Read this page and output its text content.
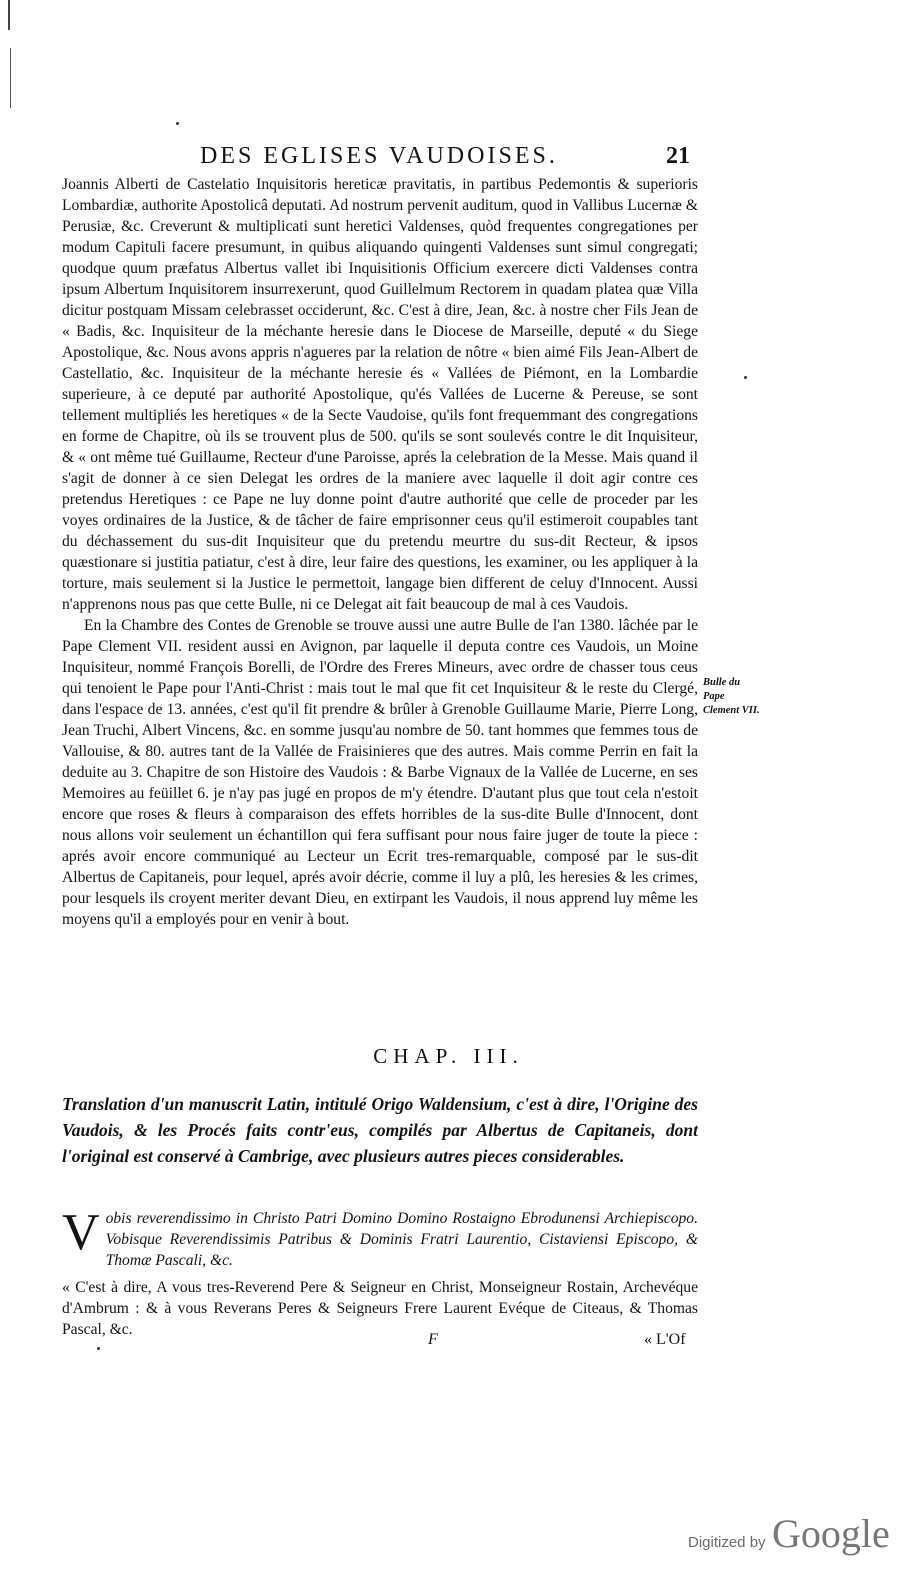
DES EGLISES VAUDOISES.	21

Joannis Alberti de Castelatio Inquisitoris hereticæ pravitatis, in partibus Pedemontis & superioris Lombardiæ, authorite Apostolicâ deputati. Ad nostrum pervenit auditum, quod in Vallibus Lucernæ & Perusiæ, &c. Creverunt & multiplicati sunt heretici Valdenses, quòd frequentes congregationes per modum Capituli facere presumunt, in quibus aliquando quingenti Valdenses sunt simul congregati; quodque quum præfatus Albertus vallet ibi Inquisitionis Officium exercere dicti Valdenses contra ipsum Albertum Inquisitorem insurrexerunt, quod Guillelmum Rectorem in quadam platea quæ Villa dicitur postquam Missam celebrasset occiderunt, &c. C'est à dire, Jean, &c. à nostre cher Fils Jean de « Badis, &c. Inquisiteur de la méchante heresie dans le Diocese de Marseille, deputé « du Siege Apostolique, &c. Nous avons appris n'agueres par la relation de nôtre « bien aimé Fils Jean-Albert de Castellatio, &c. Inquisiteur de la méchante heresie és « Vallées de Piémont, en la Lombardie superieure, à ce deputé par authorité Apostolique, qu'és Vallées de Lucerne & Pereuse, se sont tellement multipliés les heretiques « de la Secte Vaudoise, qu'ils font frequemmant des congregations en forme de Chapitre, où ils se trouvent plus de 500. qu'ils se sont soulevés contre le dit Inquisiteur, & « ont même tué Guillaume, Recteur d'une Paroisse, aprés la celebration de la Messe. Mais quand il s'agit de donner à ce sien Delegat les ordres de la maniere avec laquelle il doit agir contre ces pretendus Heretiques : ce Pape ne luy donne point d'autre authorité que celle de proceder par les voyes ordinaires de la Justice, & de tâcher de faire emprisonner ceus qu'il estimeroit coupables tant du déchassement du sus-dit Inquisiteur que du pretendu meurtre du sus-dit Recteur, & ipsos quæstionare si justitia patiatur, c'est à dire, leur faire des questions, les examiner, ou les appliquer à la torture, mais seulement si la Justice le permettoit, langage bien different de celuy d'Innocent. Aussi n'apprenons nous pas que cette Bulle, ni ce Delegat ait fait beaucoup de mal à ces Vaudois.

En la Chambre des Contes de Grenoble se trouve aussi une autre Bulle de l'an 1380. lâchée par le Pape Clement VII. resident aussi en Avignon, par laquelle il deputa contre ces Vaudois, un Moine Inquisiteur, nommé François Borelli, de l'Ordre des Freres Mineurs, avec ordre de chasser tous ceus qui tenoient le Pape pour l'Anti-Christ : mais tout le mal que fit cet Inquisiteur & le reste du Clergé, dans l'espace de 13. années, c'est qu'il fit prendre & brûler à Grenoble Guillaume Marie, Pierre Long, Jean Truchi, Albert Vincens, &c. en somme jusqu'au nombre de 50. tant hommes que femmes tous de Vallouise, & 80. autres tant de la Vallée de Fraisinieres que des autres. Mais comme Perrin en fait la deduite au 3. Chapitre de son Histoire des Vaudois : & Barbe Vignaux de la Vallée de Lucerne, en ses Memoires au feüillet 6. je n'ay pas jugé en propos de m'y étendre. D'autant plus que tout cela n'estoit encore que roses & fleurs à comparaison des effets horribles de la sus-dite Bulle d'Innocent, dont nous allons voir seulement un échantillon qui fera suffisant pour nous faire juger de toute la piece : aprés avoir encore communiqué au Lecteur un Ecrit tres-remarquable, composé par le sus-dit Albertus de Capitaneis, pour lequel, aprés avoir décrie, comme il luy a plû, les heresies & les crimes, pour lesquels ils croyent meriter devant Dieu, en extirpant les Vaudois, il nous apprend luy même les moyens qu'il a employés pour en venir à bout.

Bulle du Pape Clement VII.
CHAP. III.
Translation d'un manuscrit Latin, intitulé Origo Waldensium, c'est à dire, l'Origine des Vaudois, & les Procés faits contr'eus, compilés par Albertus de Capitaneis, dont l'original est conservé à Cambrige, avec plusieurs autres pieces considerables.
V obis reverendissimo in Christo Patri Domino Domino Rostaigno Ebrodunensi Archiepiscopo. Vobisque Reverendissimis Patribus & Dominis Fratri Laurentio, Cistaviensi Episcopo, & Thomæ Pascali, &c.
« C'est à dire, A vous tres-Reverend Pere & Seigneur en Christ, Monseigneur Rostain, Archevéque d'Ambrum : & à vous Reverans Peres & Seigneurs Frere Laurent Evéque de Citeaus, & Thomas Pascal, &c.
F	« L'Of
Digitized by Google
